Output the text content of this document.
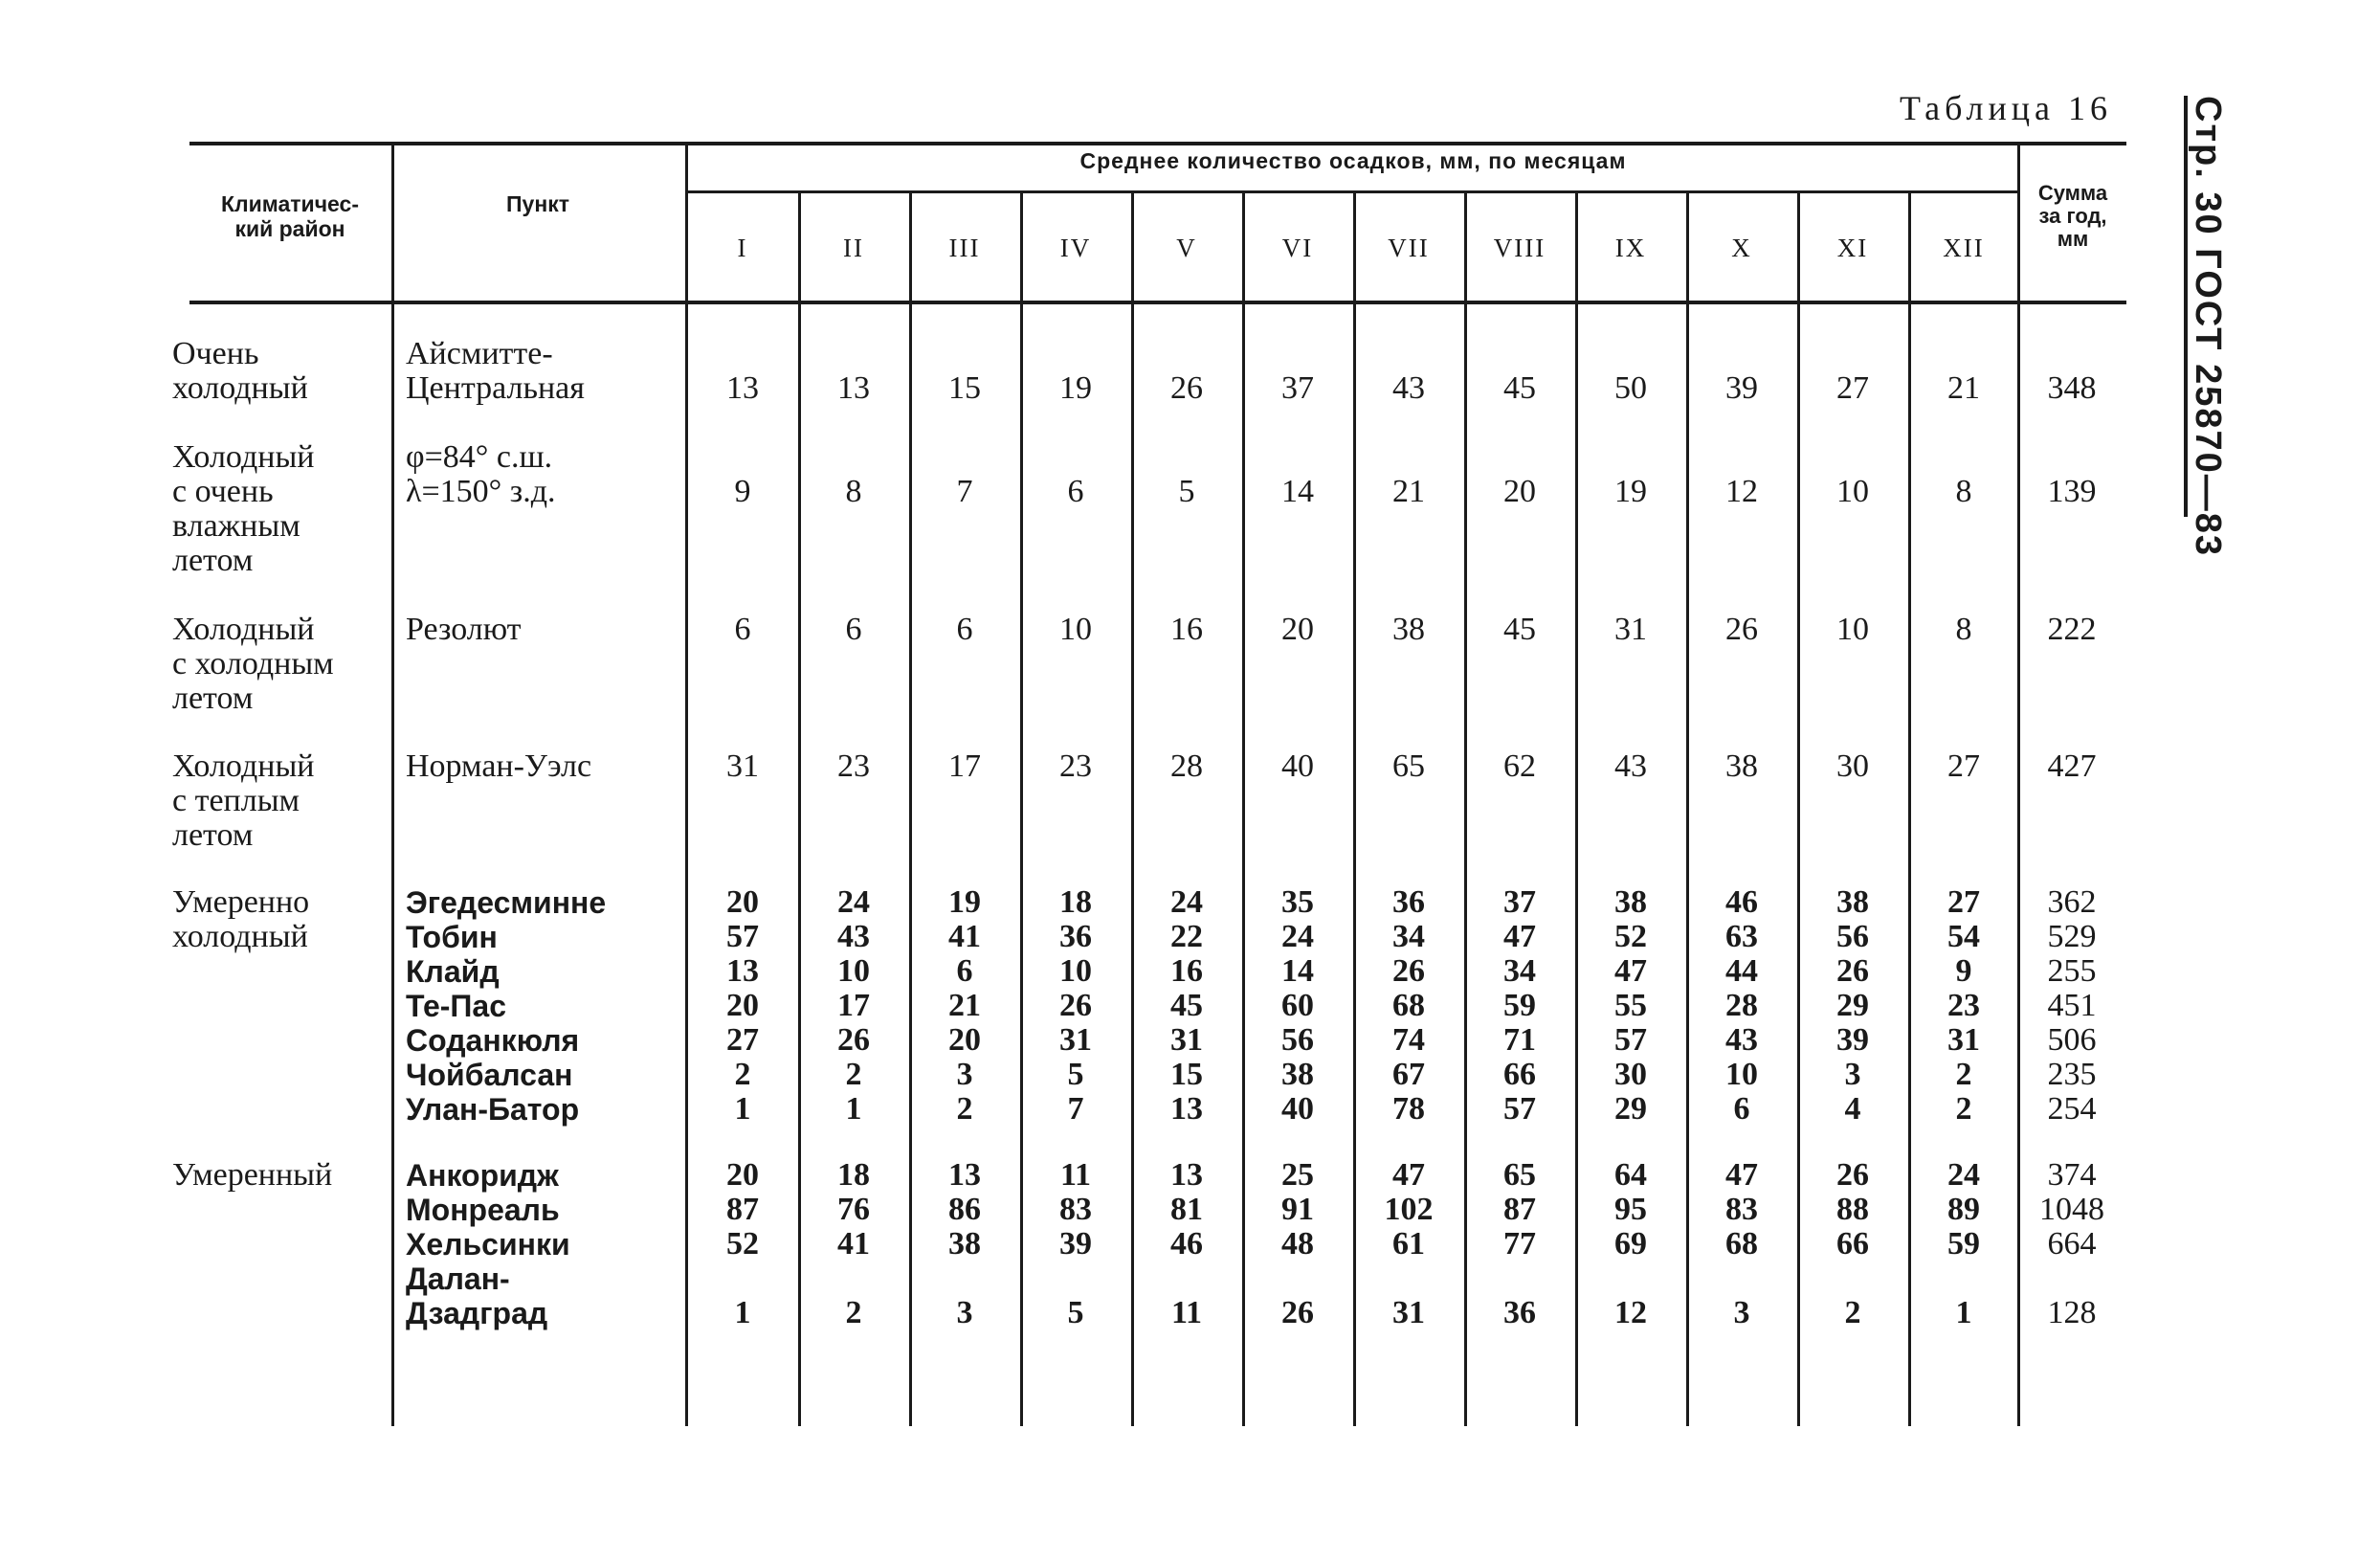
Таблица 16 Стр. 30 ГОСТ 25870—83
Климатичес-
кий район
Пункт
Среднее количество осадков, мм, по месяцам
Сумма
за год,
мм
I	II	III	IV	V	VI	VII	VIII	IX	X	XI	XII
Очень
холодный
Айсмитте-
Центральная	13	13	15	19	26	37	43	45	50	39	27	21	348
Холодный
с очень
влажным
летом
φ=84° с.ш.
λ=150° з.д.	9	8	7	6	5	14	21	20	19	12	10	8	139
Холодный
с холодным
летом
Резолют	6	6	6	10	16	20	38	45	31	26	10	8	222
Холодный
с теплым
летом
Норман-Уэлс	31	23	17	23	28	40	65	62	43	38	30	27	427
Умеренно
холодный
Эгедесминне	20	24	19	18	24	35	36	37	38	46	38	27	362
Тобин	57	43	41	36	22	24	34	47	52	63	56	54	529
Клайд	13	10	6	10	16	14	26	34	47	44	26	9	255
Те-Пас	20	17	21	26	45	60	68	59	55	28	29	23	451
Соданкюля	27	26	20	31	31	56	74	71	57	43	39	31	506
Чойбалсан	2	2	3	5	15	38	67	66	30	10	3	2	235
Улан-Батор	1	1	2	7	13	40	78	57	29	6	4	2	254
Умеренный	Анкоридж	20	18	13	11	13	25	47	65	64	47	26	24	374
Монреаль	87	76	86	83	81	91	102	87	95	83	88	89	1048
Хельсинки	52	41	38	39	46	48	61	77	69	68	66	59	664
Далан-
Дзадград	1	2	3	5	11	26	31	36	12	3	2	1	128
